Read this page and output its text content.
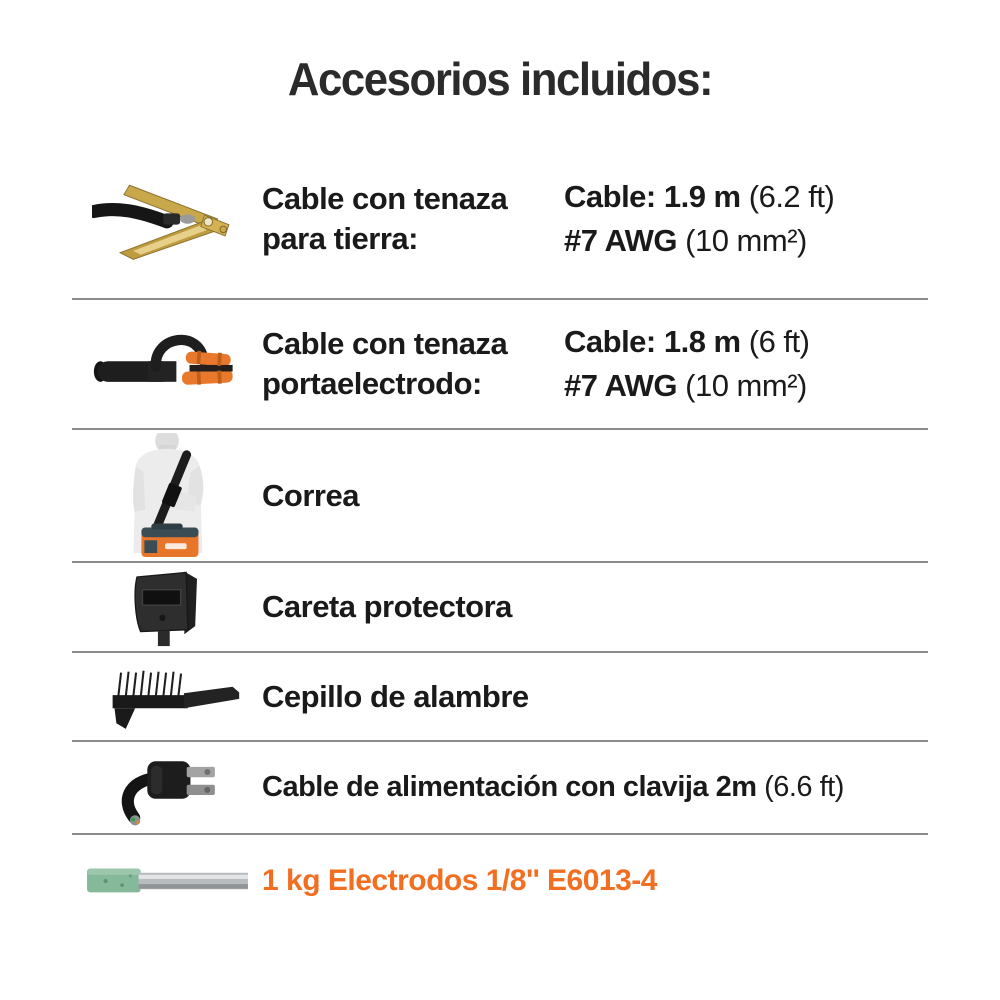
Accesorios incluidos:
Cable con tenaza
para tierra:
Cable: 1.9 m (6.2 ft)
#7 AWG (10 mm²)
Cable con tenaza
portaelectrodo:
Cable: 1.8 m (6 ft)
#7 AWG (10 mm²)
Correa
Careta protectora
Cepillo de alambre
Cable de alimentación con clavija 2m (6.6 ft)
1 kg Electrodos 1/8'' E6013-4
